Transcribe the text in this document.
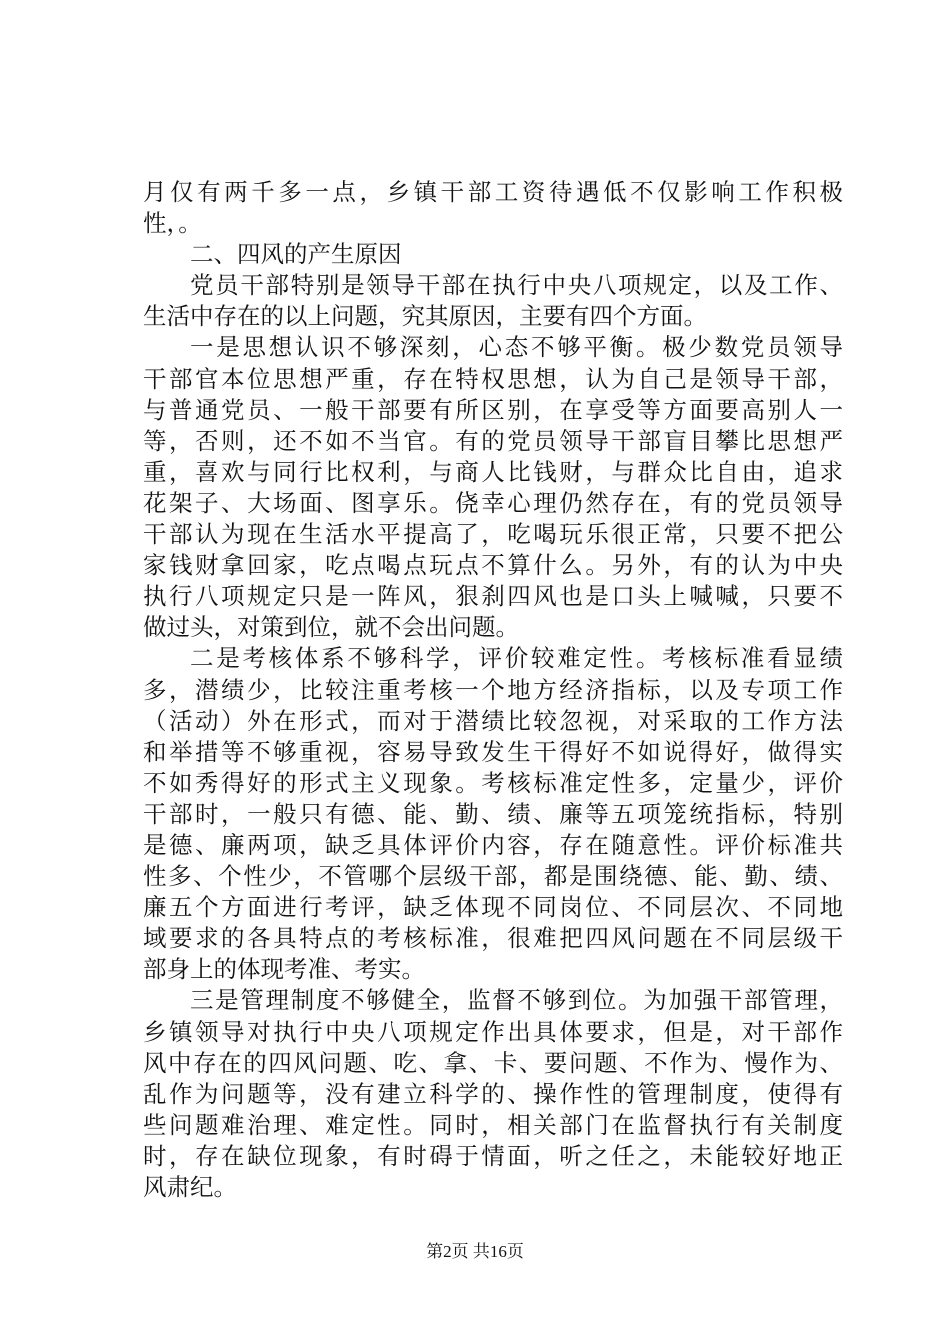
月仅有两千多一点，乡镇干部工资待遇低不仅影响工作积极
性，。
二、四风的产生原因
党员干部特别是领导干部在执行中央八项规定，以及工作、
生活中存在的以上问题，究其原因，主要有四个方面。
一是思想认识不够深刻，心态不够平衡。极少数党员领导
干部官本位思想严重，存在特权思想，认为自己是领导干部，
与普通党员、一般干部要有所区别，在享受等方面要高别人一
等，否则，还不如不当官。有的党员领导干部盲目攀比思想严
重，喜欢与同行比权利，与商人比钱财，与群众比自由，追求
花架子、大场面、图享乐。侥幸心理仍然存在，有的党员领导
干部认为现在生活水平提高了，吃喝玩乐很正常，只要不把公
家钱财拿回家，吃点喝点玩点不算什么。另外，有的认为中央
执行八项规定只是一阵风，狠刹四风也是口头上喊喊，只要不
做过头，对策到位，就不会出问题。
二是考核体系不够科学，评价较难定性。考核标准看显绩
多，潜绩少，比较注重考核一个地方经济指标，以及专项工作
（活动）外在形式，而对于潜绩比较忽视，对采取的工作方法
和举措等不够重视，容易导致发生干得好不如说得好，做得实
不如秀得好的形式主义现象。考核标准定性多，定量少，评价
干部时，一般只有德、能、勤、绩、廉等五项笼统指标，特别
是德、廉两项，缺乏具体评价内容，存在随意性。评价标准共
性多、个性少，不管哪个层级干部，都是围绕德、能、勤、绩、
廉五个方面进行考评，缺乏体现不同岗位、不同层次、不同地
域要求的各具特点的考核标准，很难把四风问题在不同层级干
部身上的体现考准、考实。
三是管理制度不够健全，监督不够到位。为加强干部管理，
乡镇领导对执行中央八项规定作出具体要求，但是，对干部作
风中存在的四风问题、吃、拿、卡、要问题、不作为、慢作为、
乱作为问题等，没有建立科学的、操作性的管理制度，使得有
些问题难治理、难定性。同时，相关部门在监督执行有关制度
时，存在缺位现象，有时碍于情面，听之任之，未能较好地正
风肃纪。
第2页 共16页
